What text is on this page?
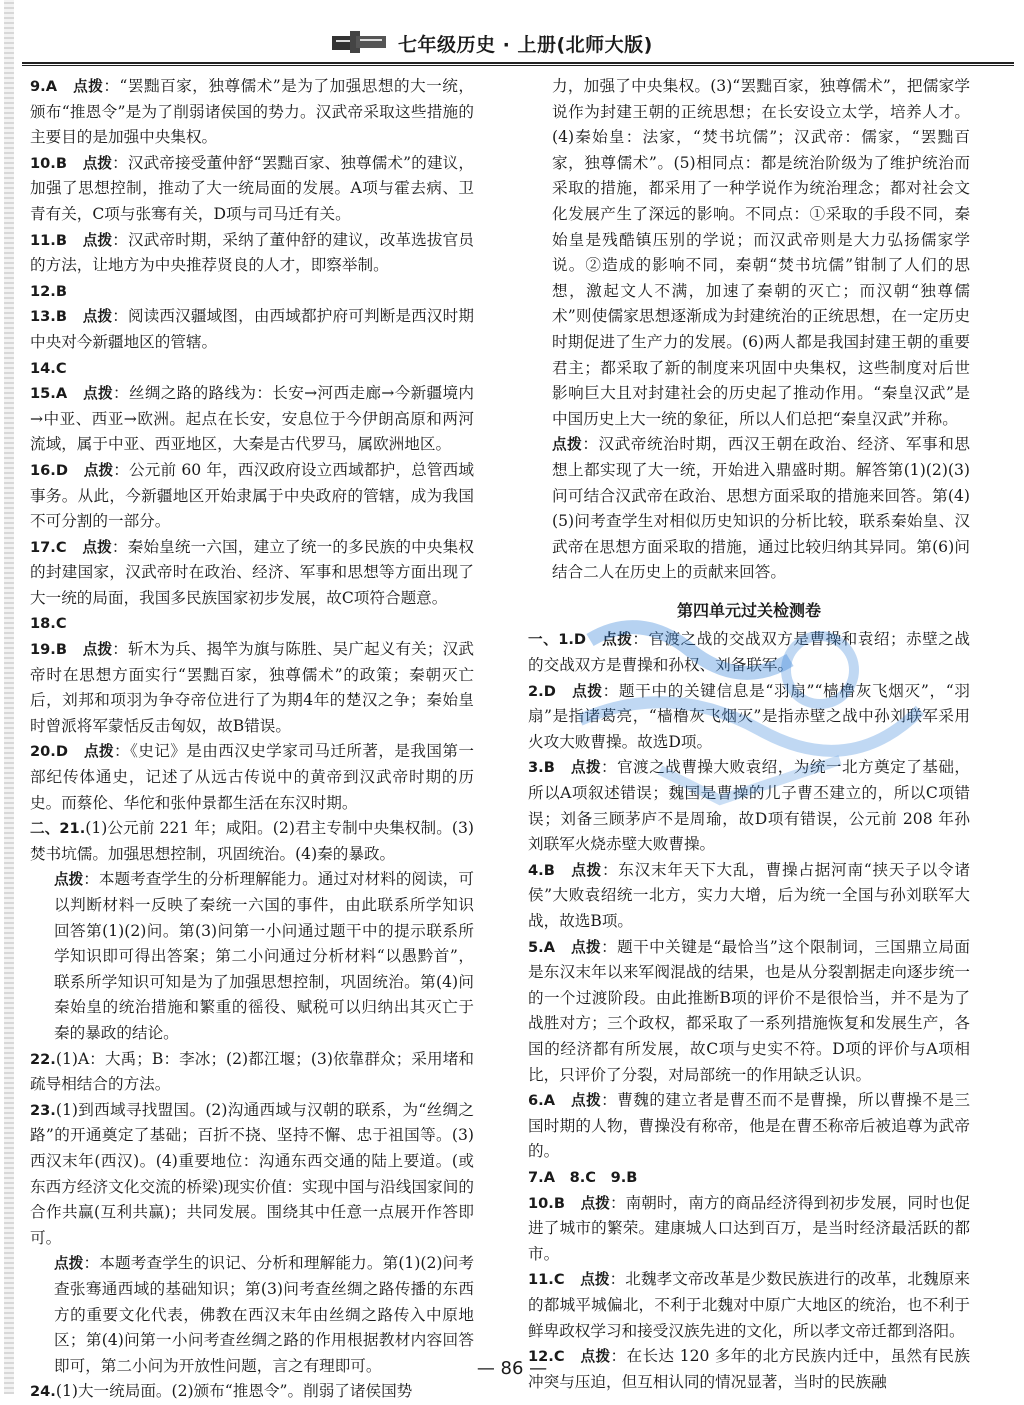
七年级历史 · 上册(北师大版)

9.A  点拨：“罢黜百家，独尊儒术”是为了加强思想的大一统，颁布“推恩令”是为了削弱诸侯国的势力。汉武帝采取这些措施的主要目的是加强中央集权。

10.B  点拨：汉武帝接受董仲舒“罢黜百家、独尊儒术”的建议，加强了思想控制，推动了大一统局面的发展。A项与霍去病、卫青有关，C项与张骞有关，D项与司马迁有关。

11.B  点拨：汉武帝时期，采纳了董仲舒的建议，改革选拔官员的方法，让地方为中央推荐贤良的人才，即察举制。

12.B

13.B  点拨：阅读西汉疆域图，由西域都护府可判断是西汉时期中央对今新疆地区的管辖。

14.C

15.A  点拨：丝绸之路的路线为：长安→河西走廊→今新疆境内→中亚、西亚→欧洲。起点在长安，安息位于今伊朗高原和两河流域，属于中亚、西亚地区，大秦是古代罗马，属欧洲地区。

16.D  点拨：公元前 60 年，西汉政府设立西域都护，总管西域事务。从此，今新疆地区开始隶属于中央政府的管辖，成为我国不可分割的一部分。

17.C  点拨：秦始皇统一六国，建立了统一的多民族的中央集权的封建国家，汉武帝时在政治、经济、军事和思想等方面出现了大一统的局面，我国多民族国家初步发展，故C项符合题意。

18.C

19.B  点拨：斩木为兵、揭竿为旗与陈胜、吴广起义有关；汉武帝时在思想方面实行“罢黜百家，独尊儒术”的政策；秦朝灭亡后，刘邦和项羽为争夺帝位进行了为期4年的楚汉之争；秦始皇时曾派将军蒙恬反击匈奴，故B错误。

20.D  点拨：《史记》是由西汉史学家司马迁所著，是我国第一部纪传体通史，记述了从远古传说中的黄帝到汉武帝时期的历史。而蔡伦、华佗和张仲景都生活在东汉时期。

二、21.(1)公元前 221 年；咸阳。(2)君主专制中央集权制。(3)焚书坑儒。加强思想控制，巩固统治。(4)秦的暴政。

点拨：本题考查学生的分析理解能力。通过对材料的阅读，可以判断材料一反映了秦统一六国的事件，由此联系所学知识回答第(1)(2)问。第(3)问第一小问通过题干中的提示联系所学知识即可得出答案；第二小问通过分析材料“以愚黔首”，联系所学知识可知是为了加强思想控制，巩固统治。第(4)问秦始皇的统治措施和繁重的徭役、赋税可以归纳出其灭亡于秦的暴政的结论。

22.(1)A：大禹；B：李冰；(2)都江堰；(3)依靠群众；采用堵和疏导相结合的方法。

23.(1)到西域寻找盟国。(2)沟通西域与汉朝的联系，为“丝绸之路”的开通奠定了基础；百折不挠、坚持不懈、忠于祖国等。(3)西汉末年(西汉)。(4)重要地位：沟通东西交通的陆上要道。(或东西方经济文化交流的桥梁)现实价值：实现中国与沿线国家间的合作共赢(互利共赢)；共同发展。围绕其中任意一点展开作答即可。

点拨：本题考查学生的识记、分析和理解能力。第(1)(2)问考查张骞通西域的基础知识；第(3)问考查丝绸之路传播的东西方的重要文化代表，佛教在西汉末年由丝绸之路传入中原地区；第(4)问第一小问考查丝绸之路的作用根据教材内容回答即可，第二小问为开放性问题，言之有理即可。

24.(1)大一统局面。(2)颁布“推恩令”。削弱了诸侯国势

力，加强了中央集权。(3)“罢黜百家，独尊儒术”，把儒家学说作为封建王朝的正统思想；在长安设立太学，培养人才。(4)秦始皇：法家，“焚书坑儒”；汉武帝：儒家，“罢黜百家，独尊儒术”。(5)相同点：都是统治阶级为了维护统治而采取的措施，都采用了一种学说作为统治理念；都对社会文化发展产生了深远的影响。不同点：①采取的手段不同，秦始皇是残酷镇压别的学说；而汉武帝则是大力弘扬儒家学说。②造成的影响不同，秦朝“焚书坑儒”钳制了人们的思想，激起文人不满，加速了秦朝的灭亡；而汉朝“独尊儒术”则使儒家思想逐渐成为封建统治的正统思想，在一定历史时期促进了生产力的发展。(6)两人都是我国封建王朝的重要君主；都采取了新的制度来巩固中央集权，这些制度对后世影响巨大且对封建社会的历史起了推动作用。“秦皇汉武”是中国历史上大一统的象征，所以人们总把“秦皇汉武”并称。

点拨：汉武帝统治时期，西汉王朝在政治、经济、军事和思想上都实现了大一统，开始进入鼎盛时期。解答第(1)(2)(3)问可结合汉武帝在政治、思想方面采取的措施来回答。第(4)(5)问考查学生对相似历史知识的分析比较，联系秦始皇、汉武帝在思想方面采取的措施，通过比较归纳其异同。第(6)问结合二人在历史上的贡献来回答。

第四单元过关检测卷

一、1.D  点拨：官渡之战的交战双方是曹操和袁绍；赤壁之战的交战双方是曹操和孙权、刘备联军。

2.D  点拨：题干中的关键信息是“羽扇”“樯橹灰飞烟灭”，“羽扇”是指诸葛亮，“樯橹灰飞烟灭”是指赤壁之战中孙刘联军采用火攻大败曹操。故选D项。

3.B  点拨：官渡之战曹操大败袁绍，为统一北方奠定了基础，所以A项叙述错误；魏国是曹操的儿子曹丕建立的，所以C项错误；刘备三顾茅庐不是周瑜，故D项有错误，公元前 208 年孙刘联军火烧赤壁大败曹操。

4.B  点拨：东汉末年天下大乱，曹操占据河南“挟天子以令诸侯”大败袁绍统一北方，实力大增，后为统一全国与孙刘联军大战，故选B项。

5.A  点拨：题干中关键是“最恰当”这个限制词，三国鼎立局面是东汉末年以来军阀混战的结果，也是从分裂割据走向逐步统一的一个过渡阶段。由此推断B项的评价不是很恰当，并不是为了战胜对方；三个政权，都采取了一系列措施恢复和发展生产，各国的经济都有所发展，故C项与史实不符。D项的评价与A项相比，只评价了分裂，对局部统一的作用缺乏认识。

6.A  点拨：曹魏的建立者是曹丕而不是曹操，所以曹操不是三国时期的人物，曹操没有称帝，他是在曹丕称帝后被追尊为武帝的。

7.A　8.C　9.B

10.B  点拨：南朝时，南方的商品经济得到初步发展，同时也促进了城市的繁荣。建康城人口达到百万，是当时经济最活跃的都市。

11.C  点拨：北魏孝文帝改革是少数民族进行的改革，北魏原来的都城平城偏北，不利于北魏对中原广大地区的统治，也不利于鲜卑政权学习和接受汉族先进的文化，所以孝文帝迁都到洛阳。

12.C  点拨：在长达 120 多年的北方民族内迁中，虽然有民族冲突与压迫，但互相认同的情况显著，当时的民族融

— 86 —
